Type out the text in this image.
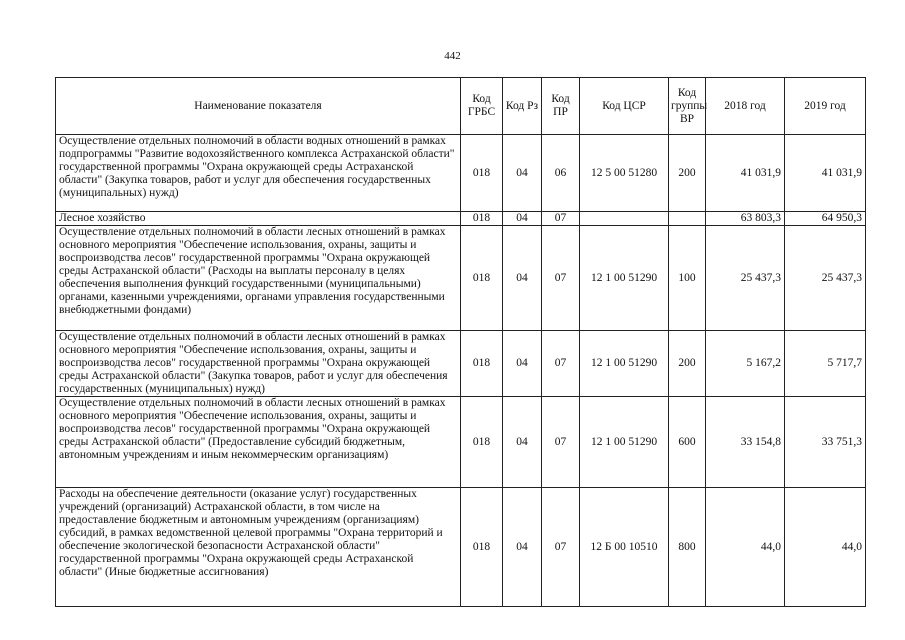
442
Наименование показателя	Код ГРБС	Код Рз	Код ПР	Код ЦСР	Код группы ВР	2018 год	2019 год
Осуществление отдельных полномочий в области водных отношений в рамках подпрограммы "Развитие водохозяйственного комплекса Астраханской области" государственной программы "Охрана окружающей среды Астраханской области" (Закупка товаров, работ и услуг для обеспечения государственных (муниципальных) нужд)	018	04	06	12 5 00 51280	200	41 031,9	41 031,9
Лесное хозяйство	018	04	07			63 803,3	64 950,3
Осуществление отдельных полномочий в области лесных отношений в рамках основного мероприятия "Обеспечение использования, охраны, защиты и воспроизводства лесов" государственной программы "Охрана окружающей среды Астраханской области" (Расходы на выплаты персоналу в целях обеспечения выполнения функций государственными (муниципальными) органами, казенными учреждениями, органами управления государственными внебюджетными фондами)	018	04	07	12 1 00 51290	100	25 437,3	25 437,3
Осуществление отдельных полномочий в области лесных отношений в рамках основного мероприятия "Обеспечение использования, охраны, защиты и воспроизводства лесов" государственной программы "Охрана окружающей среды Астраханской области" (Закупка товаров, работ и услуг для обеспечения государственных (муниципальных) нужд)	018	04	07	12 1 00 51290	200	5 167,2	5 717,7
Осуществление отдельных полномочий в области лесных отношений в рамках основного мероприятия "Обеспечение использования, охраны, защиты и воспроизводства лесов" государственной программы "Охрана окружающей среды Астраханской области" (Предоставление субсидий бюджетным, автономным учреждениям и иным некоммерческим организациям)	018	04	07	12 1 00 51290	600	33 154,8	33 751,3
Расходы на обеспечение деятельности (оказание услуг) государственных учреждений (организаций) Астраханской области, в том числе на предоставление бюджетным и автономным учреждениям (организациям) субсидий, в рамках ведомственной целевой программы "Охрана территорий и обеспечение экологической безопасности Астраханской области" государственной программы "Охрана окружающей среды Астраханской области" (Иные бюджетные ассигнования)	018	04	07	12 Б 00 10510	800	44,0	44,0
